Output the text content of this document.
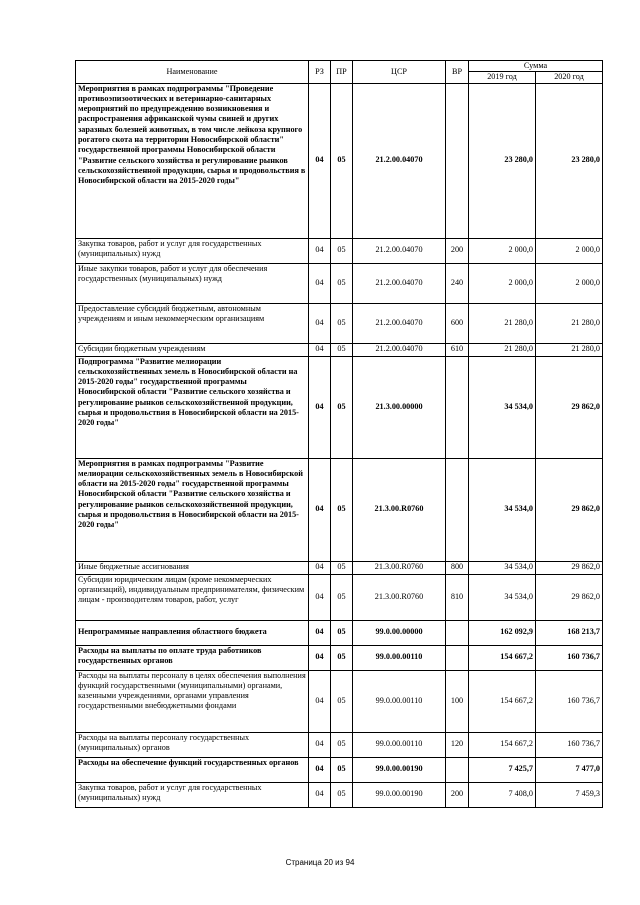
Наименование	РЗ	ПР	ЦСР	ВР	Сумма	
					2019 год	2020 год
Мероприятия в рамках подпрограммы "Проведение противоэпизоотических и ветеринарно-санитарных мероприятий по предупреждению возникновения и распространения африканской чумы свиней и других заразных болезней животных, в том числе лейкоза крупного рогатого скота на территории Новосибирской области" государственной программы Новосибирской области "Развитие сельского хозяйства и регулирование рынков сельскохозяйственной продукции, сырья и продовольствия в Новосибирской области на 2015-2020 годы"	04	05	21.2.00.04070		23 280,0	23 280,0
Закупка товаров, работ и услуг для государственных (муниципальных) нужд	04	05	21.2.00.04070	200	2 000,0	2 000,0
Иные закупки товаров, работ и услуг для обеспечения государственных (муниципальных) нужд	04	05	21.2.00.04070	240	2 000,0	2 000,0
Предоставление субсидий бюджетным, автономным учреждениям и иным некоммерческим организациям	04	05	21.2.00.04070	600	21 280,0	21 280,0
Субсидии бюджетным учреждениям	04	05	21.2.00.04070	610	21 280,0	21 280,0
Подпрограмма "Развитие мелиорации сельскохозяйственных земель в Новосибирской области на 2015-2020 годы" государственной программы Новосибирской области "Развитие сельского хозяйства и регулирование рынков сельскохозяйственной продукции, сырья и продовольствия в Новосибирской области на 2015-2020 годы"	04	05	21.3.00.00000		34 534,0	29 862,0
Мероприятия в рамках подпрограммы "Развитие мелиорации сельскохозяйственных земель в Новосибирской области на 2015-2020 годы" государственной программы Новосибирской области "Развитие сельского хозяйства и регулирование рынков сельскохозяйственной продукции, сырья и продовольствия в Новосибирской области на 2015-2020 годы"	04	05	21.3.00.R0760		34 534,0	29 862,0
Иные бюджетные ассигнования	04	05	21.3.00.R0760	800	34 534,0	29 862,0
Субсидии юридическим лицам (кроме некоммерческих организаций), индивидуальным предпринимателям, физическим лицам - производителям товаров, работ, услуг	04	05	21.3.00.R0760	810	34 534,0	29 862,0
Непрограммные направления областного бюджета	04	05	99.0.00.00000		162 092,9	168 213,7
Расходы на выплаты по оплате труда работников государственных органов	04	05	99.0.00.00110		154 667,2	160 736,7
Расходы на выплаты персоналу в целях обеспечения выполнения функций государственными (муниципальными) органами, казенными учреждениями, органами управления государственными внебюджетными фондами	04	05	99.0.00.00110	100	154 667,2	160 736,7
Расходы на выплаты персоналу государственных (муниципальных) органов	04	05	99.0.00.00110	120	154 667,2	160 736,7
Расходы на обеспечение функций государственных органов	04	05	99.0.00.00190		7 425,7	7 477,0
Закупка товаров, работ и услуг для государственных (муниципальных) нужд	04	05	99.0.00.00190	200	7 408,0	7 459,3
Страница 20 из 94
